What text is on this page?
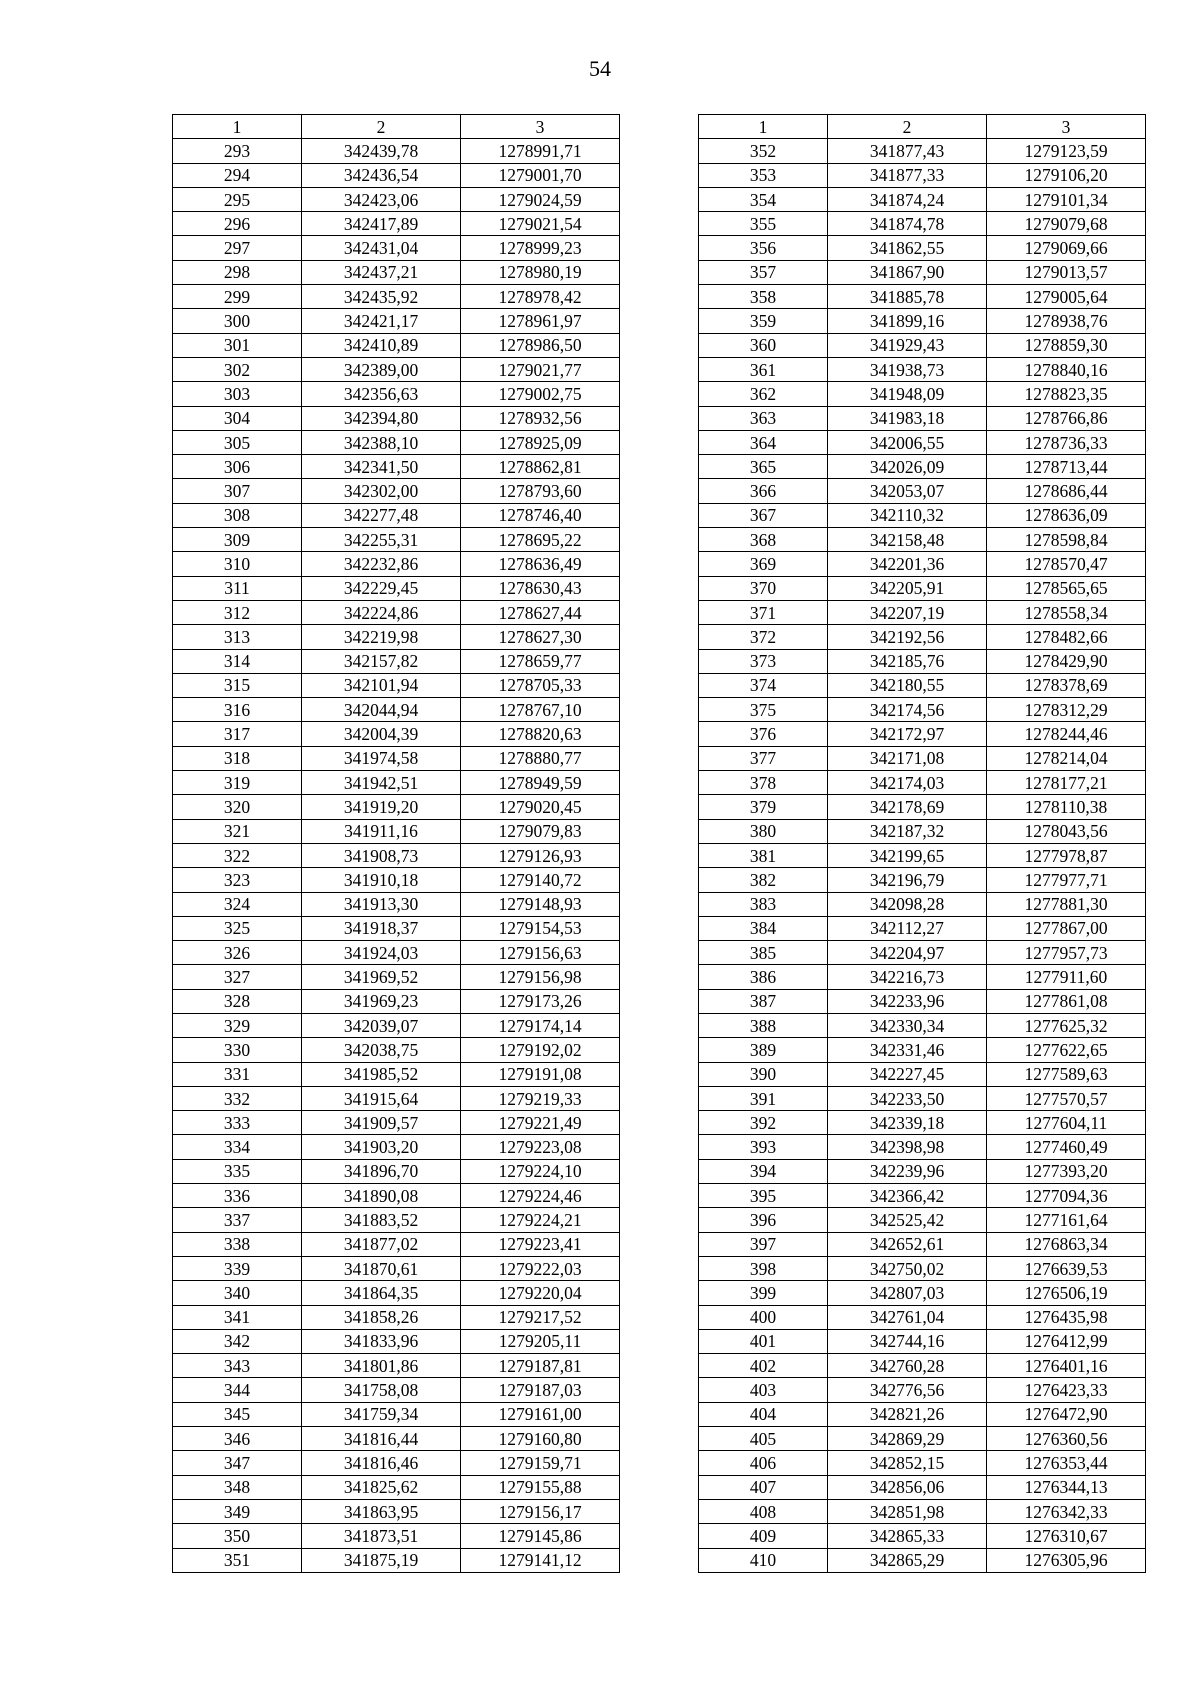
54
1	2	3
293	342439,78	1278991,71
294	342436,54	1279001,70
295	342423,06	1279024,59
296	342417,89	1279021,54
297	342431,04	1278999,23
298	342437,21	1278980,19
299	342435,92	1278978,42
300	342421,17	1278961,97
301	342410,89	1278986,50
302	342389,00	1279021,77
303	342356,63	1279002,75
304	342394,80	1278932,56
305	342388,10	1278925,09
306	342341,50	1278862,81
307	342302,00	1278793,60
308	342277,48	1278746,40
309	342255,31	1278695,22
310	342232,86	1278636,49
311	342229,45	1278630,43
312	342224,86	1278627,44
313	342219,98	1278627,30
314	342157,82	1278659,77
315	342101,94	1278705,33
316	342044,94	1278767,10
317	342004,39	1278820,63
318	341974,58	1278880,77
319	341942,51	1278949,59
320	341919,20	1279020,45
321	341911,16	1279079,83
322	341908,73	1279126,93
323	341910,18	1279140,72
324	341913,30	1279148,93
325	341918,37	1279154,53
326	341924,03	1279156,63
327	341969,52	1279156,98
328	341969,23	1279173,26
329	342039,07	1279174,14
330	342038,75	1279192,02
331	341985,52	1279191,08
332	341915,64	1279219,33
333	341909,57	1279221,49
334	341903,20	1279223,08
335	341896,70	1279224,10
336	341890,08	1279224,46
337	341883,52	1279224,21
338	341877,02	1279223,41
339	341870,61	1279222,03
340	341864,35	1279220,04
341	341858,26	1279217,52
342	341833,96	1279205,11
343	341801,86	1279187,81
344	341758,08	1279187,03
345	341759,34	1279161,00
346	341816,44	1279160,80
347	341816,46	1279159,71
348	341825,62	1279155,88
349	341863,95	1279156,17
350	341873,51	1279145,86
351	341875,19	1279141,12
1	2	3
352	341877,43	1279123,59
353	341877,33	1279106,20
354	341874,24	1279101,34
355	341874,78	1279079,68
356	341862,55	1279069,66
357	341867,90	1279013,57
358	341885,78	1279005,64
359	341899,16	1278938,76
360	341929,43	1278859,30
361	341938,73	1278840,16
362	341948,09	1278823,35
363	341983,18	1278766,86
364	342006,55	1278736,33
365	342026,09	1278713,44
366	342053,07	1278686,44
367	342110,32	1278636,09
368	342158,48	1278598,84
369	342201,36	1278570,47
370	342205,91	1278565,65
371	342207,19	1278558,34
372	342192,56	1278482,66
373	342185,76	1278429,90
374	342180,55	1278378,69
375	342174,56	1278312,29
376	342172,97	1278244,46
377	342171,08	1278214,04
378	342174,03	1278177,21
379	342178,69	1278110,38
380	342187,32	1278043,56
381	342199,65	1277978,87
382	342196,79	1277977,71
383	342098,28	1277881,30
384	342112,27	1277867,00
385	342204,97	1277957,73
386	342216,73	1277911,60
387	342233,96	1277861,08
388	342330,34	1277625,32
389	342331,46	1277622,65
390	342227,45	1277589,63
391	342233,50	1277570,57
392	342339,18	1277604,11
393	342398,98	1277460,49
394	342239,96	1277393,20
395	342366,42	1277094,36
396	342525,42	1277161,64
397	342652,61	1276863,34
398	342750,02	1276639,53
399	342807,03	1276506,19
400	342761,04	1276435,98
401	342744,16	1276412,99
402	342760,28	1276401,16
403	342776,56	1276423,33
404	342821,26	1276472,90
405	342869,29	1276360,56
406	342852,15	1276353,44
407	342856,06	1276344,13
408	342851,98	1276342,33
409	342865,33	1276310,67
410	342865,29	1276305,96
